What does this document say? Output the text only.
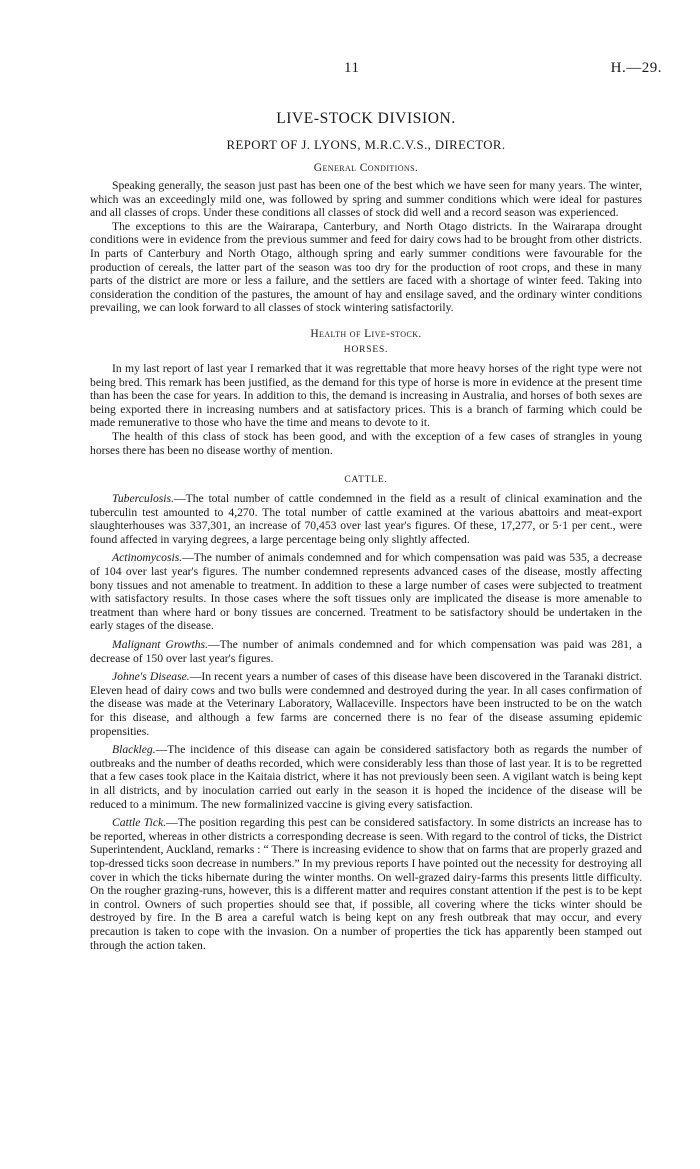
11	H.—29.
LIVE-STOCK DIVISION.
REPORT OF J. LYONS, M.R.C.V.S., DIRECTOR.
General Conditions.

Speaking generally, the season just past has been one of the best which we have seen for many years. The winter, which was an exceedingly mild one, was followed by spring and summer conditions which were ideal for pastures and all classes of crops. Under these conditions all classes of stock did well and a record season was experienced.

The exceptions to this are the Wairarapa, Canterbury, and North Otago districts. In the Wairarapa drought conditions were in evidence from the previous summer and feed for dairy cows had to be brought from other districts. In parts of Canterbury and North Otago, although spring and early summer conditions were favourable for the production of cereals, the latter part of the season was too dry for the production of root crops, and these in many parts of the district are more or less a failure, and the settlers are faced with a shortage of winter feed. Taking into consideration the condition of the pastures, the amount of hay and ensilage saved, and the ordinary winter conditions prevailing, we can look forward to all classes of stock wintering satisfactorily.

Health of Live-stock.
HORSES.

In my last report of last year I remarked that it was regrettable that more heavy horses of the right type were not being bred. This remark has been justified, as the demand for this type of horse is more in evidence at the present time than has been the case for years. In addition to this, the demand is increasing in Australia, and horses of both sexes are being exported there in increasing numbers and at satisfactory prices. This is a branch of farming which could be made remunerative to those who have the time and means to devote to it.

The health of this class of stock has been good, and with the exception of a few cases of strangles in young horses there has been no disease worthy of mention.

CATTLE.

Tuberculosis.—The total number of cattle condemned in the field as a result of clinical examination and the tuberculin test amounted to 4,270. The total number of cattle examined at the various abattoirs and meat-export slaughterhouses was 337,301, an increase of 70,453 over last year's figures. Of these, 17,277, or 5·1 per cent., were found affected in varying degrees, a large percentage being only slightly affected.

Actinomycosis.—The number of animals condemned and for which compensation was paid was 535, a decrease of 104 over last year's figures. The number condemned represents advanced cases of the disease, mostly affecting bony tissues and not amenable to treatment. In addition to these a large number of cases were subjected to treatment with satisfactory results. In those cases where the soft tissues only are implicated the disease is more amenable to treatment than where hard or bony tissues are concerned. Treatment to be satisfactory should be undertaken in the early stages of the disease.

Malignant Growths.—The number of animals condemned and for which compensation was paid was 281, a decrease of 150 over last year's figures.

Johne's Disease.—In recent years a number of cases of this disease have been discovered in the Taranaki district. Eleven head of dairy cows and two bulls were condemned and destroyed during the year. In all cases confirmation of the disease was made at the Veterinary Laboratory, Wallaceville. Inspectors have been instructed to be on the watch for this disease, and although a few farms are concerned there is no fear of the disease assuming epidemic propensities.

Blackleg.—The incidence of this disease can again be considered satisfactory both as regards the number of outbreaks and the number of deaths recorded, which were considerably less than those of last year. It is to be regretted that a few cases took place in the Kaitaia district, where it has not previously been seen. A vigilant watch is being kept in all districts, and by inoculation carried out early in the season it is hoped the incidence of the disease will be reduced to a minimum. The new formalinized vaccine is giving every satisfaction.

Cattle Tick.—The position regarding this pest can be considered satisfactory. In some districts an increase has to be reported, whereas in other districts a corresponding decrease is seen. With regard to the control of ticks, the District Superintendent, Auckland, remarks : “ There is increasing evidence to show that on farms that are properly grazed and top-dressed ticks soon decrease in numbers.” In my previous reports I have pointed out the necessity for destroying all cover in which the ticks hibernate during the winter months. On well-grazed dairy-farms this presents little difficulty. On the rougher grazing-runs, however, this is a different matter and requires constant attention if the pest is to be kept in control. Owners of such properties should see that, if possible, all covering where the ticks winter should be destroyed by fire. In the B area a careful watch is being kept on any fresh outbreak that may occur, and every precaution is taken to cope with the invasion. On a number of properties the tick has apparently been stamped out through the action taken.
